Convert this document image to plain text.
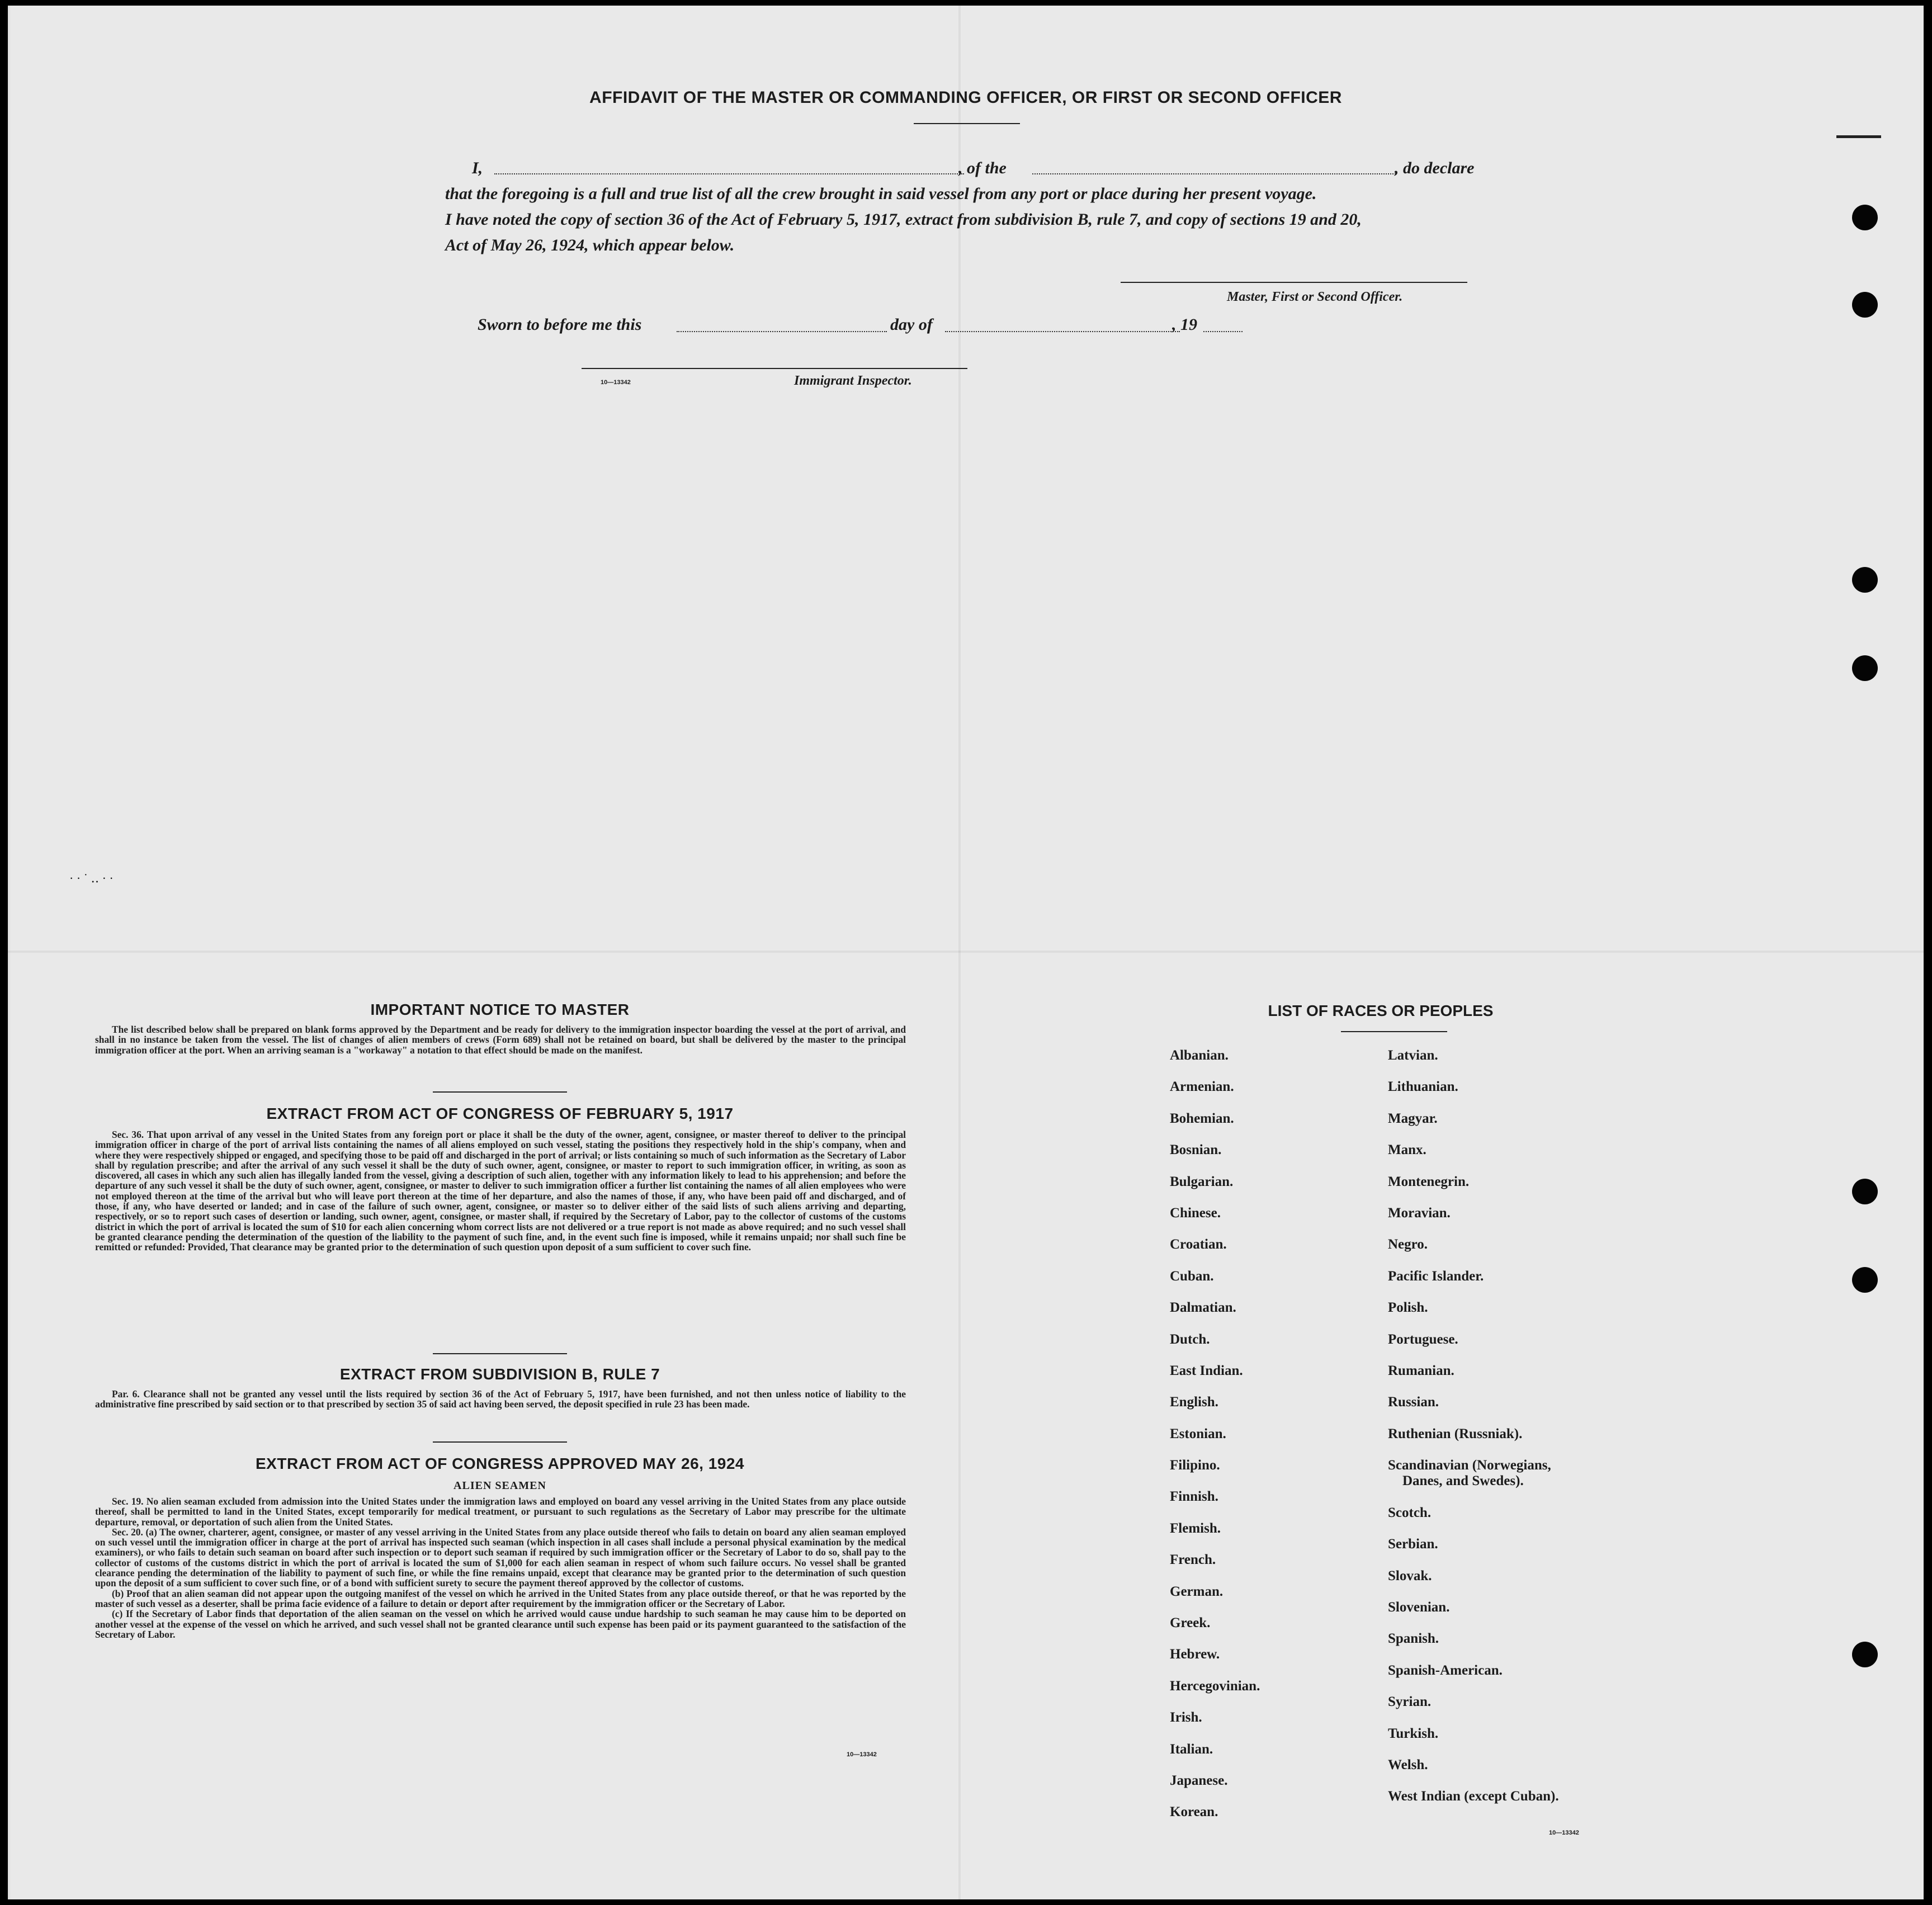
AFFIDAVIT OF THE MASTER OR COMMANDING OFFICER, OR FIRST OR SECOND OFFICER
I,	, of the	, do declare
that the foregoing is a full and true list of all the crew brought in said vessel from any port or place during her present voyage.
I have noted the copy of section 36 of the Act of February 5, 1917, extract from subdivision B, rule 7, and copy of sections 19 and 20,
Act of May 26, 1924, which appear below.
Master, First or Second Officer.
Sworn to before me this	day of	, 19
10—13342	Immigrant Inspector.
IMPORTANT NOTICE TO MASTER

The list described below shall be prepared on blank forms approved by the Department and be ready for delivery to the immigration inspector boarding the vessel at the port of arrival, and shall in no instance be taken from the vessel. The list of changes of alien members of crews (Form 689) shall not be retained on board, but shall be delivered by the master to the principal immigration officer at the port. When an arriving seaman is a "workaway" a notation to that effect should be made on the manifest.

EXTRACT FROM ACT OF CONGRESS OF FEBRUARY 5, 1917

Sec. 36. That upon arrival of any vessel in the United States from any foreign port or place it shall be the duty of the owner, agent, consignee, or master thereof to deliver to the principal immigration officer in charge of the port of arrival lists containing the names of all aliens employed on such vessel, stating the positions they respectively hold in the ship's company, when and where they were respectively shipped or engaged, and specifying those to be paid off and discharged in the port of arrival; or lists containing so much of such information as the Secretary of Labor shall by regulation prescribe; and after the arrival of any such vessel it shall be the duty of such owner, agent, consignee, or master to report to such immigration officer, in writing, as soon as discovered, all cases in which any such alien has illegally landed from the vessel, giving a description of such alien, together with any information likely to lead to his apprehension; and before the departure of any such vessel it shall be the duty of such owner, agent, consignee, or master to deliver to such immigration officer a further list containing the names of all alien employees who were not employed thereon at the time of the arrival but who will leave port thereon at the time of her departure, and also the names of those, if any, who have been paid off and discharged, and of those, if any, who have deserted or landed; and in case of the failure of such owner, agent, consignee, or master so to deliver either of the said lists of such aliens arriving and departing, respectively, or so to report such cases of desertion or landing, such owner, agent, consignee, or master shall, if required by the Secretary of Labor, pay to the collector of customs of the customs district in which the port of arrival is located the sum of $10 for each alien concerning whom correct lists are not delivered or a true report is not made as above required; and no such vessel shall be granted clearance pending the determination of the question of the liability to the payment of such fine, and, in the event such fine is imposed, while it remains unpaid; nor shall such fine be remitted or refunded: Provided, That clearance may be granted prior to the determination of such question upon deposit of a sum sufficient to cover such fine.

EXTRACT FROM SUBDIVISION B, RULE 7

Par. 6. Clearance shall not be granted any vessel until the lists required by section 36 of the Act of February 5, 1917, have been furnished, and not then unless notice of liability to the administrative fine prescribed by said section or to that prescribed by section 35 of said act having been served, the deposit specified in rule 23 has been made.

EXTRACT FROM ACT OF CONGRESS APPROVED MAY 26, 1924
ALIEN SEAMEN

Sec. 19. No alien seaman excluded from admission into the United States under the immigration laws and employed on board any vessel arriving in the United States from any place outside thereof, shall be permitted to land in the United States, except temporarily for medical treatment, or pursuant to such regulations as the Secretary of Labor may prescribe for the ultimate departure, removal, or deportation of such alien from the United States.

Sec. 20. (a) The owner, charterer, agent, consignee, or master of any vessel arriving in the United States from any place outside thereof who fails to detain on board any alien seaman employed on such vessel until the immigration officer in charge at the port of arrival has inspected such seaman (which inspection in all cases shall include a personal physical examination by the medical examiners), or who fails to detain such seaman on board after such inspection or to deport such seaman if required by such immigration officer or the Secretary of Labor to do so, shall pay to the collector of customs of the customs district in which the port of arrival is located the sum of $1,000 for each alien seaman in respect of whom such failure occurs. No vessel shall be granted clearance pending the determination of the liability to payment of such fine, or while the fine remains unpaid, except that clearance may be granted prior to the determination of such question upon the deposit of a sum sufficient to cover such fine, or of a bond with sufficient surety to secure the payment thereof approved by the collector of customs.

(b) Proof that an alien seaman did not appear upon the outgoing manifest of the vessel on which he arrived in the United States from any place outside thereof, or that he was reported by the master of such vessel as a deserter, shall be prima facie evidence of a failure to detain or deport after requirement by the immigration officer or the Secretary of Labor.

(c) If the Secretary of Labor finds that deportation of the alien seaman on the vessel on which he arrived would cause undue hardship to such seaman he may cause him to be deported on another vessel at the expense of the vessel on which he arrived, and such vessel shall not be granted clearance until such expense has been paid or its payment guaranteed to the satisfaction of the Secretary of Labor.

10—13342
LIST OF RACES OR PEOPLES
Albanian.
Armenian.
Bohemian.
Bosnian.
Bulgarian.
Chinese.
Croatian.
Cuban.
Dalmatian.
Dutch.
East Indian.
English.
Estonian.
Filipino.
Finnish.
Flemish.
French.
German.
Greek.
Hebrew.
Hercegovinian.
Irish.
Italian.
Japanese.
Korean.
Latvian.
Lithuanian.
Magyar.
Manx.
Montenegrin.
Moravian.
Negro.
Pacific Islander.
Polish.
Portuguese.
Rumanian.
Russian.
Ruthenian (Russniak).
Scandinavian (Norwegians,
Danes, and Swedes).
Scotch.
Serbian.
Slovak.
Slovenian.
Spanish.
Spanish-American.
Syrian.
Turkish.
Welsh.
West Indian (except Cuban).
10—13342
· · ˙ ‥ · ·
